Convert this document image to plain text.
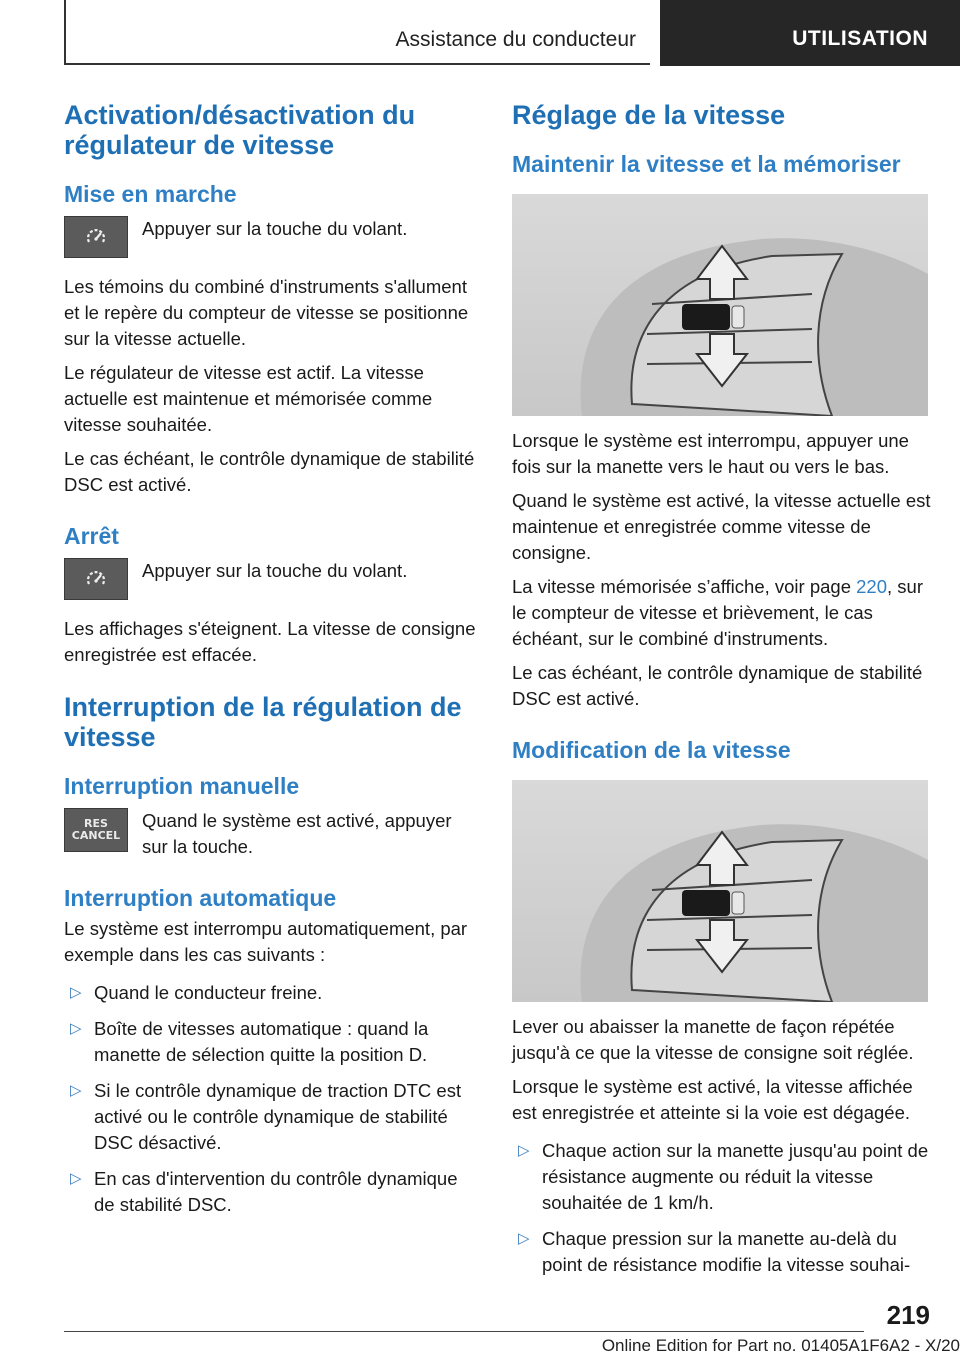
Assistance du conducteur	UTILISATION
Activation/désactivation du régulateur de vitesse
Mise en marche

Appuyer sur la touche du volant.

Les témoins du combiné d'instruments s'allument et le repère du compteur de vitesse se positionne sur la vitesse actuelle.

Le régulateur de vitesse est actif. La vitesse actuelle est maintenue et mémorisée comme vitesse souhaitée.

Le cas échéant, le contrôle dynamique de stabilité DSC est activé.

Arrêt

Appuyer sur la touche du volant.

Les affichages s'éteignent. La vitesse de consigne enregistrée est effacée.

Interruption de la régulation de vitesse
Interruption manuelle
RES
CANCEL

Quand le système est activé, appuyer sur la touche.

Interruption automatique

Le système est interrompu automatiquement, par exemple dans les cas suivants :

▷ Quand le conducteur freine.
▷ Boîte de vitesses automatique : quand la manette de sélection quitte la position D.
▷ Si le contrôle dynamique de traction DTC est activé ou le contrôle dynamique de stabilité DSC désactivé.
▷ En cas d'intervention du contrôle dynamique de stabilité DSC.
Réglage de la vitesse
Maintenir la vitesse et la mémoriser

Lorsque le système est interrompu, appuyer une fois sur la manette vers le haut ou vers le bas.

Quand le système est activé, la vitesse actuelle est maintenue et enregistrée comme vitesse de consigne.

La vitesse mémorisée s’affiche, voir page 220, sur le compteur de vitesse et brièvement, le cas échéant, sur le combiné d'instruments.

Le cas échéant, le contrôle dynamique de stabilité DSC est activé.

Modification de la vitesse

Lever ou abaisser la manette de façon répétée jusqu'à ce que la vitesse de consigne soit réglée.

Lorsque le système est activé, la vitesse affichée est enregistrée et atteinte si la voie est dégagée.

▷ Chaque action sur la manette jusqu'au point de résistance augmente ou réduit la vitesse souhaitée de 1 km/h.
▷ Chaque pression sur la manette au-delà du point de résistance modifie la vitesse souhai-
219
Online Edition for Part no. 01405A1F6A2 - X/20
